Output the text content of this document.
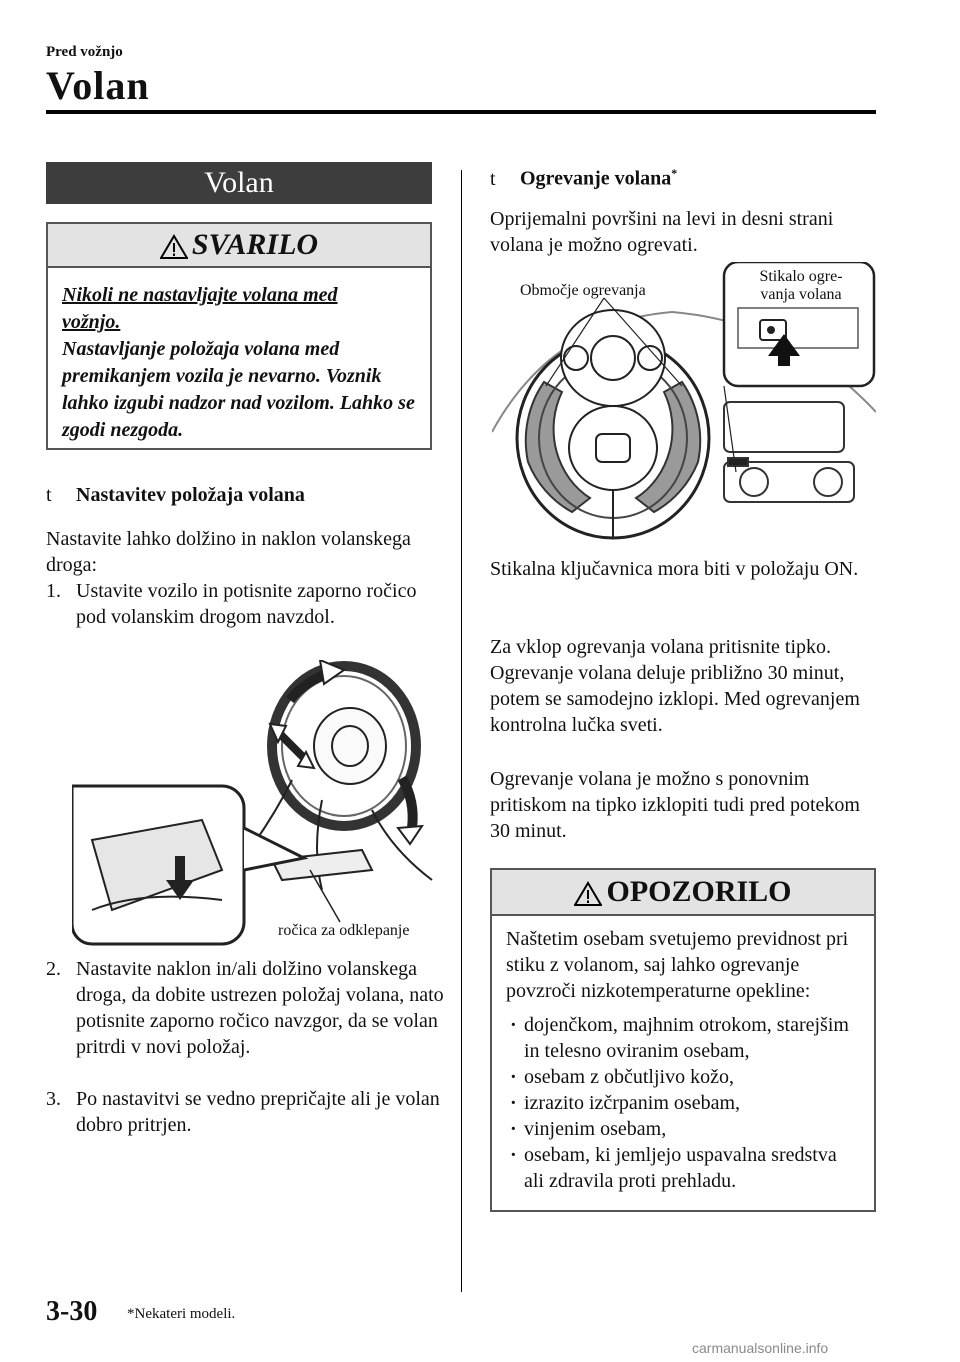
Pred vožnjo
Volan
Volan
SVARILO
Nikoli ne nastavljajte volana med
vožnjo.
Nastavljanje položaja volana med premikanjem vozila je nevarno. Voznik lahko izgubi nadzor nad vozilom. Lahko se zgodi nezgoda.
t Nastavitev položaja volana
Nastavite lahko dolžino in naklon volanskega droga:
1. Ustavite vozilo in potisnite zaporno ročico pod volanskim drogom navzdol.
ročica za odklepanje
2. Nastavite naklon in/ali dolžino volanskega droga, da dobite ustrezen položaj volana, nato potisnite zaporno ročico navzgor, da se volan pritrdi v novi položaj.
3. Po nastavitvi se vedno prepričajte ali je volan dobro pritrjen.
t Ogrevanje volana*
Oprijemalni površini na levi in desni strani volana je možno ogrevati.
Območje ogrevanja
Stikalo ogre-
vanja volana
Stikalna ključavnica mora biti v položaju ON.
Za vklop ogrevanja volana pritisnite tipko. Ogrevanje volana deluje približno 30 minut, potem se samodejno izklopi. Med ogrevanjem kontrolna lučka sveti.
Ogrevanje volana je možno s ponovnim pritiskom na tipko izklopiti tudi pred potekom 30 minut.
OPOZORILO
Naštetim osebam svetujemo previdnost pri stiku z volanom, saj lahko ogrevanje povzroči nizkotemperaturne opekline:
· dojenčkom, majhnim otrokom, starejšim in telesno oviranim osebam,
· osebam z občutljivo kožo,
· izrazito izčrpanim osebam,
· vinjenim osebam,
· osebam, ki jemljejo uspavalna sredstva ali zdravila proti prehladu.
3-30 *Nekateri modeli.
carmanualsonline.info
